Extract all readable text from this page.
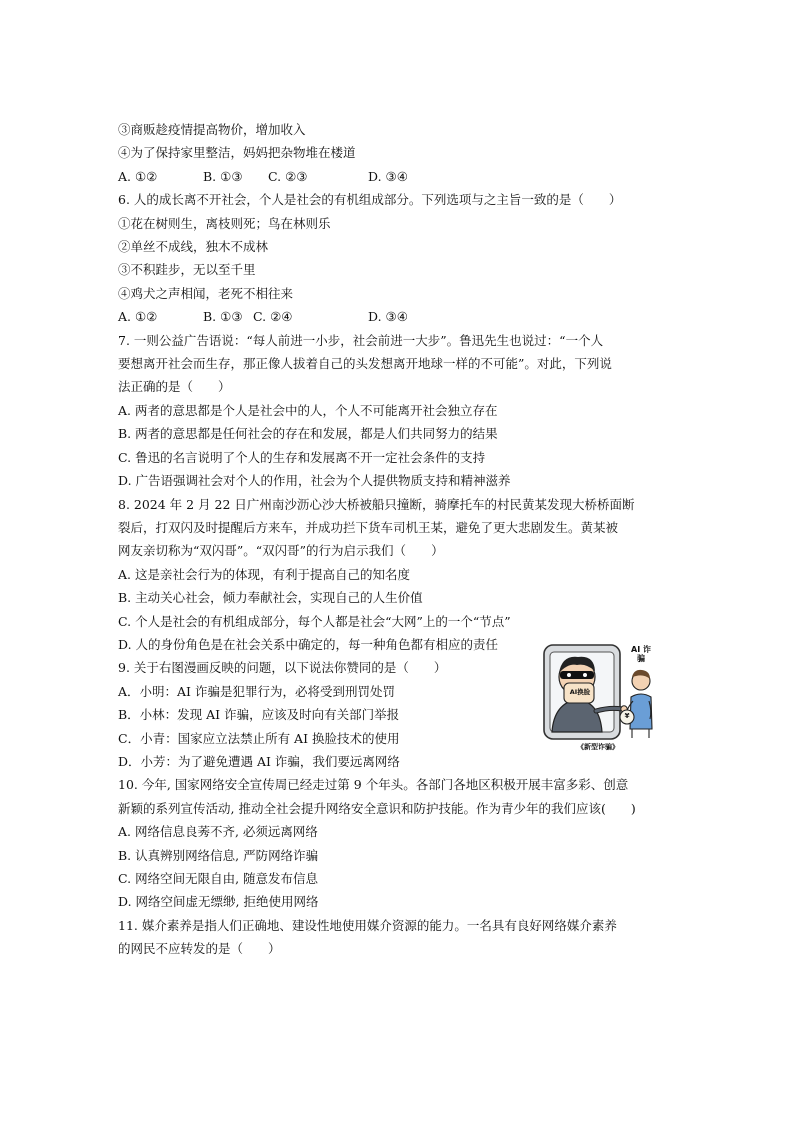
③商贩趁疫情提高物价，增加收入

④为了保持家里整洁，妈妈把杂物堆在楼道

A. ①②	B. ①③	C. ②③	D. ③④

6. 人的成长离不开社会，个人是社会的有机组成部分。下列选项与之主旨一致的是（　　）

①花在树则生，离枝则死；鸟在林则乐

②单丝不成线，独木不成林

③不积跬步，无以至千里

④鸡犬之声相闻，老死不相往来

A. ①②	B. ①③ C. ②④	D. ③④

7. 一则公益广告语说：“每人前进一小步，社会前进一大步”。鲁迅先生也说过：“一个人

要想离开社会而生存，那正像人拔着自己的头发想离开地球一样的不可能”。对此，下列说

法正确的是（　　）

A. 两者的意思都是个人是社会中的人，个人不可能离开社会独立存在

B. 两者的意思都是任何社会的存在和发展，都是人们共同努力的结果

C. 鲁迅的名言说明了个人的生存和发展离不开一定社会条件的支持

D. 广告语强调社会对个人的作用，社会为个人提供物质支持和精神滋养

8. 2024 年 2 月 22 日广州南沙沥心沙大桥被船只撞断，骑摩托车的村民黄某发现大桥桥面断

裂后，打双闪及时提醒后方来车，并成功拦下货车司机王某，避免了更大悲剧发生。黄某被

网友亲切称为“双闪哥”。“双闪哥”的行为启示我们（　　）

A. 这是亲社会行为的体现，有利于提高自己的知名度

B. 主动关心社会，倾力奉献社会，实现自己的人生价值

C. 个人是社会的有机组成部分，每个人都是社会“大网”上的一个“节点”

D. 人的身份角色是在社会关系中确定的，每一种角色都有相应的责任

9. 关于右图漫画反映的问题，以下说法你赞同的是（　　）

A．小明：AI 诈骗是犯罪行为，必将受到刑罚处罚

B．小林：发现 AI 诈骗，应该及时向有关部门举报

C．小青：国家应立法禁止所有 AI 换脸技术的使用

D．小芳：为了避免遭遇 AI 诈骗，我们要远离网络

10. 今年, 国家网络安全宣传周已经走过第 9 个年头。各部门各地区积极开展丰富多彩、创意

新颖的系列宣传活动, 推动全社会提升网络安全意识和防护技能。作为青少年的我们应该(　　)

A. 网络信息良莠不齐, 必须远离网络

B. 认真辨别网络信息, 严防网络诈骗

C. 网络空间无限自由, 随意发布信息

D. 网络空间虚无缥缈, 拒绝使用网络

11. 媒介素养是指人们正确地、建设性地使用媒介资源的能力。一名具有良好网络媒介素养

的网民不应转发的是（　　）

AI 诈骗
AI换脸
¥
《新型诈骗》
